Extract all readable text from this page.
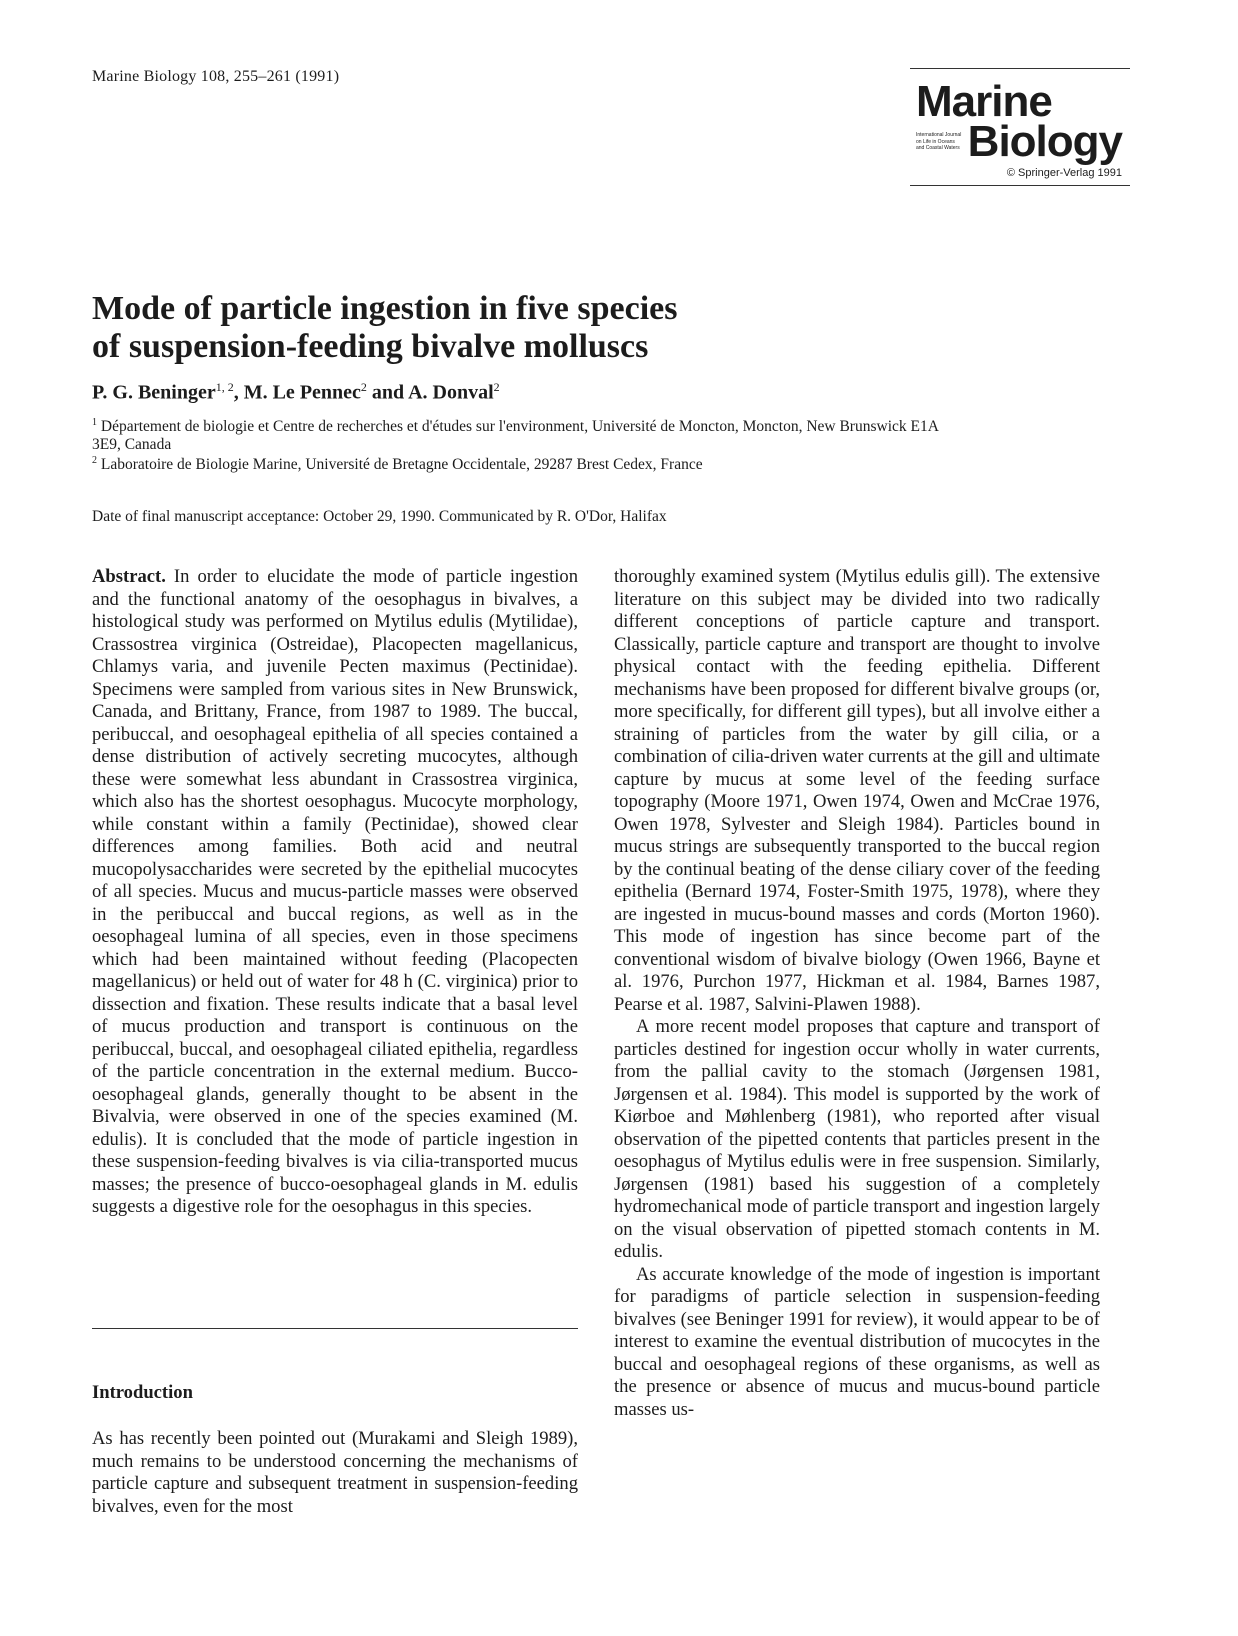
Marine Biology 108, 255–261 (1991)
Marine
International Journal
on Life in Oceans
and Coastal Waters Biology
© Springer-Verlag 1991
Mode of particle ingestion in five species
of suspension-feeding bivalve molluscs

P. G. Beninger$^{1, 2}$, M. Le Pennec$^2$ and A. Donval$^2$

$^1$ Département de biologie et Centre de recherches et d'études sur l'environment, Université de Moncton, Moncton, New Brunswick E1A 3E9, Canada

$^2$ Laboratoire de Biologie Marine, Université de Bretagne Occidentale, 29287 Brest Cedex, France

Date of final manuscript acceptance: October 29, 1990. Communicated by R. O'Dor, Halifax

Abstract. In order to elucidate the mode of particle ingestion and the functional anatomy of the oesophagus in bivalves, a histological study was performed on Mytilus edulis (Mytilidae), Crassostrea virginica (Ostreidae), Placopecten magellanicus, Chlamys varia, and juvenile Pecten maximus (Pectinidae). Specimens were sampled from various sites in New Brunswick, Canada, and Brittany, France, from 1987 to 1989. The buccal, peribuccal, and oesophageal epithelia of all species contained a dense distribution of actively secreting mucocytes, although these were somewhat less abundant in Crassostrea virginica, which also has the shortest oesophagus. Mucocyte morphology, while constant within a family (Pectinidae), showed clear differences among families. Both acid and neutral mucopolysaccharides were secreted by the epithelial mucocytes of all species. Mucus and mucus-particle masses were observed in the peribuccal and buccal regions, as well as in the oesophageal lumina of all species, even in those specimens which had been maintained without feeding (Placopecten magellanicus) or held out of water for 48 h (C. virginica) prior to dissection and fixation. These results indicate that a basal level of mucus production and transport is continuous on the peribuccal, buccal, and oesophageal ciliated epithelia, regardless of the particle concentration in the external medium. Bucco-oesophageal glands, generally thought to be absent in the Bivalvia, were observed in one of the species examined (M. edulis). It is concluded that the mode of particle ingestion in these suspension-feeding bivalves is via cilia-transported mucus masses; the presence of bucco-oesophageal glands in M. edulis suggests a digestive role for the oesophagus in this species.

Introduction

As has recently been pointed out (Murakami and Sleigh 1989), much remains to be understood concerning the mechanisms of particle capture and subsequent treatment in suspension-feeding bivalves, even for the most

thoroughly examined system (Mytilus edulis gill). The extensive literature on this subject may be divided into two radically different conceptions of particle capture and transport. Classically, particle capture and transport are thought to involve physical contact with the feeding epithelia. Different mechanisms have been proposed for different bivalve groups (or, more specifically, for different gill types), but all involve either a straining of particles from the water by gill cilia, or a combination of cilia-driven water currents at the gill and ultimate capture by mucus at some level of the feeding surface topography (Moore 1971, Owen 1974, Owen and McCrae 1976, Owen 1978, Sylvester and Sleigh 1984). Particles bound in mucus strings are subsequently transported to the buccal region by the continual beating of the dense ciliary cover of the feeding epithelia (Bernard 1974, Foster-Smith 1975, 1978), where they are ingested in mucus-bound masses and cords (Morton 1960). This mode of ingestion has since become part of the conventional wisdom of bivalve biology (Owen 1966, Bayne et al. 1976, Purchon 1977, Hickman et al. 1984, Barnes 1987, Pearse et al. 1987, Salvini-Plawen 1988).

A more recent model proposes that capture and transport of particles destined for ingestion occur wholly in water currents, from the pallial cavity to the stomach (Jørgensen 1981, Jørgensen et al. 1984). This model is supported by the work of Kiørboe and Møhlenberg (1981), who reported after visual observation of the pipetted contents that particles present in the oesophagus of Mytilus edulis were in free suspension. Similarly, Jørgensen (1981) based his suggestion of a completely hydromechanical mode of particle transport and ingestion largely on the visual observation of pipetted stomach contents in M. edulis.

As accurate knowledge of the mode of ingestion is important for paradigms of particle selection in suspension-feeding bivalves (see Beninger 1991 for review), it would appear to be of interest to examine the eventual distribution of mucocytes in the buccal and oesophageal regions of these organisms, as well as the presence or absence of mucus and mucus-bound particle masses us-
